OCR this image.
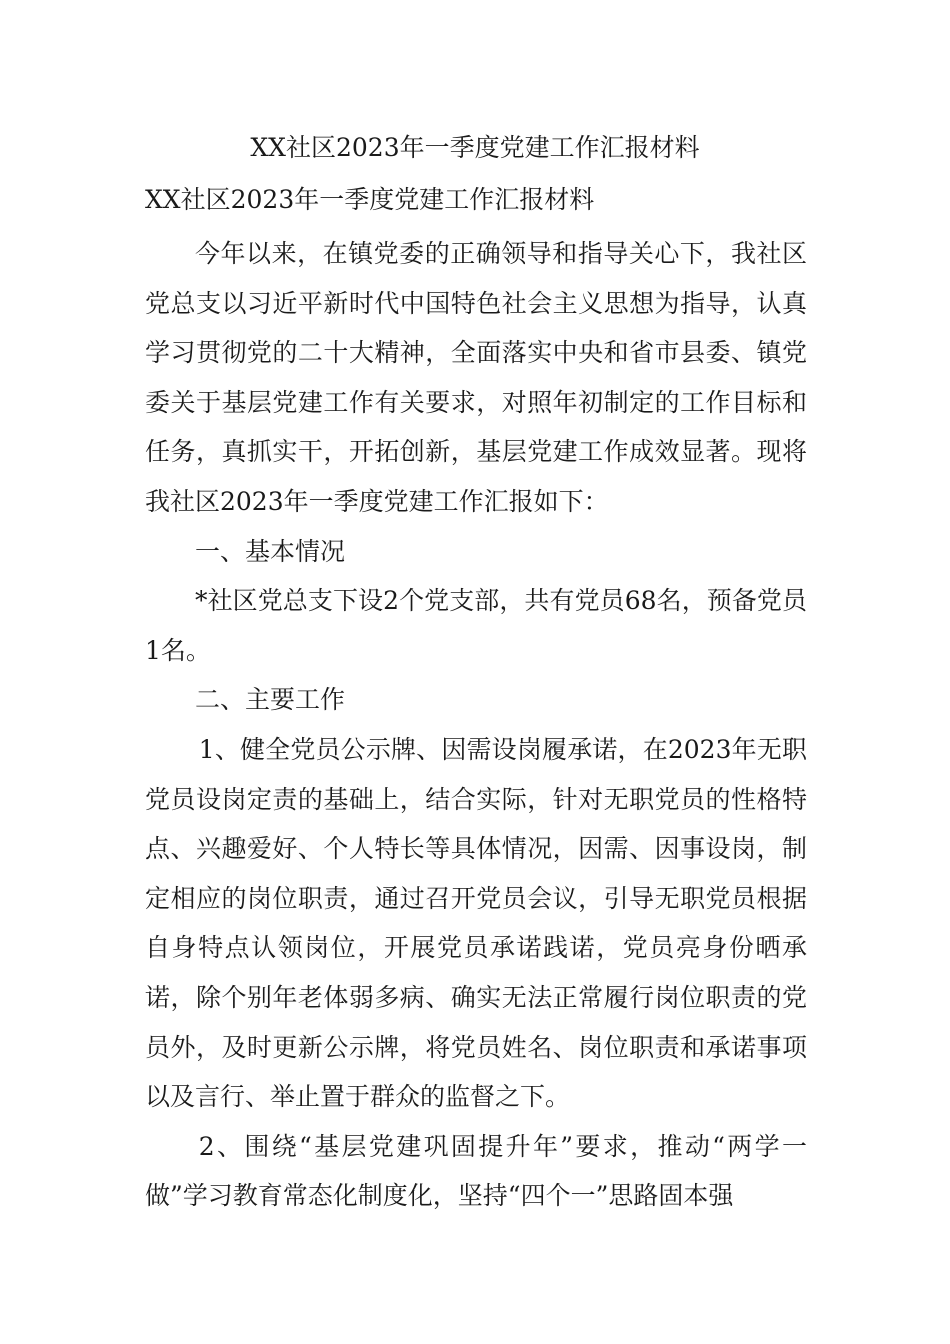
XX社区2023年一季度党建工作汇报材料
XX社区2023年一季度党建工作汇报材料

今年以来，在镇党委的正确领导和指导关心下，我社区党总支以习近平新时代中国特色社会主义思想为指导，认真学习贯彻党的二十大精神，全面落实中央和省市县委、镇党委关于基层党建工作有关要求，对照年初制定的工作目标和任务，真抓实干，开拓创新，基层党建工作成效显著。现将我社区2023年一季度党建工作汇报如下：

一、基本情况

*社区党总支下设2个党支部，共有党员68名，预备党员1名。

二、主要工作

1、健全党员公示牌、因需设岗履承诺，在2023年无职党员设岗定责的基础上，结合实际，针对无职党员的性格特点、兴趣爱好、个人特长等具体情况，因需、因事设岗，制定相应的岗位职责，通过召开党员会议，引导无职党员根据自身特点认领岗位，开展党员承诺践诺，党员亮身份晒承诺，除个别年老体弱多病、确实无法正常履行岗位职责的党员外，及时更新公示牌，将党员姓名、岗位职责和承诺事项以及言行、举止置于群众的监督之下。

2、围绕“基层党建巩固提升年”要求，推动“两学一做”学习教育常态化制度化，坚持“四个一”思路固本强
